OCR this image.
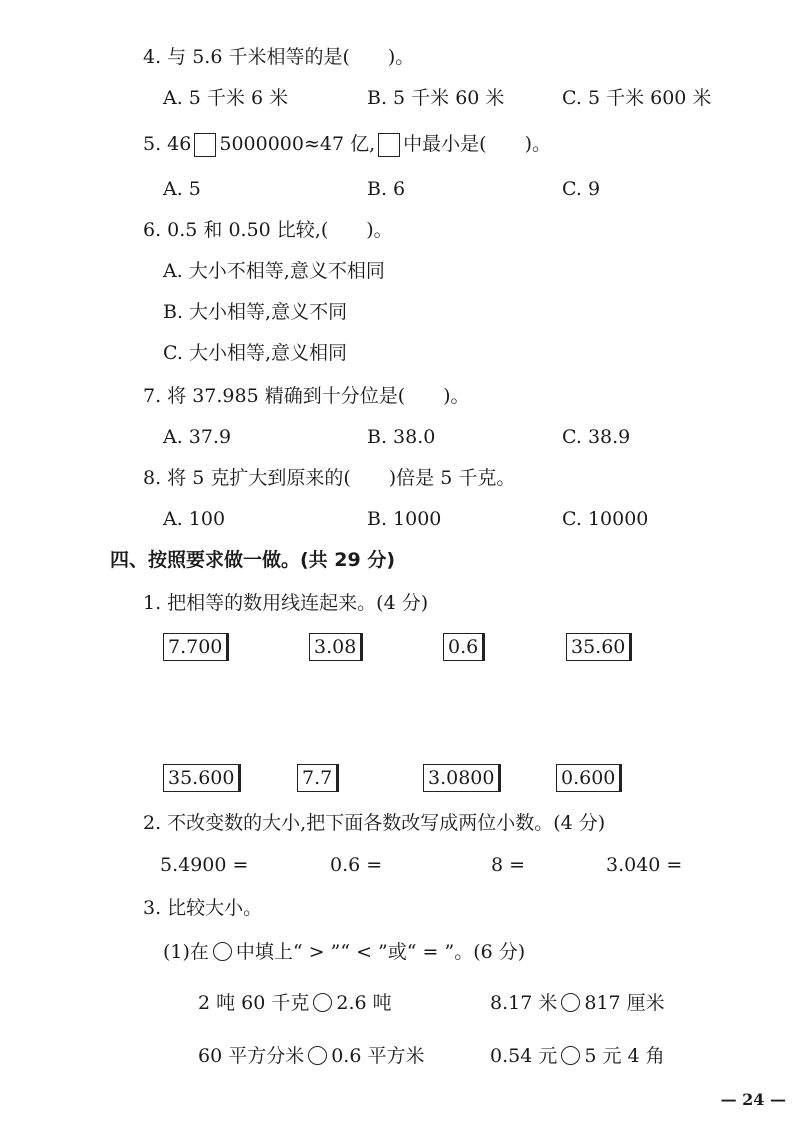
4. 与 5.6 千米相等的是(　　)。
A. 5 千米 6 米	B. 5 千米 60 米	C. 5 千米 600 米
5. 46 5000000≈47 亿, 中最小是(　　)。
A. 5	B. 6	C. 9
6. 0.5 和 0.50 比较,(　　)。
A. 大小不相等,意义不相同
B. 大小相等,意义不同
C. 大小相等,意义相同
7. 将 37.985 精确到十分位是(　　)。
A. 37.9	B. 38.0	C. 38.9
8. 将 5 克扩大到原来的(　　)倍是 5 千克。
A. 100	B. 1000	C. 10000
四、按照要求做一做。(共 29 分)
1. 把相等的数用线连起来。(4 分)
7.700	3.08	0.6	35.60
35.600	7.7	3.0800	0.600
2. 不改变数的大小,把下面各数改写成两位小数。(4 分)
5.4900 =	0.6 =	8 =	3.040 =
3. 比较大小。
(1)在 中填上“ > ”“ < ”或“ = ”。(6 分)
2 吨 60 千克 2.6 吨	8.17 米 817 厘米
60 平方分米 0.6 平方米	0.54 元 5 元 4 角
— 24 —
